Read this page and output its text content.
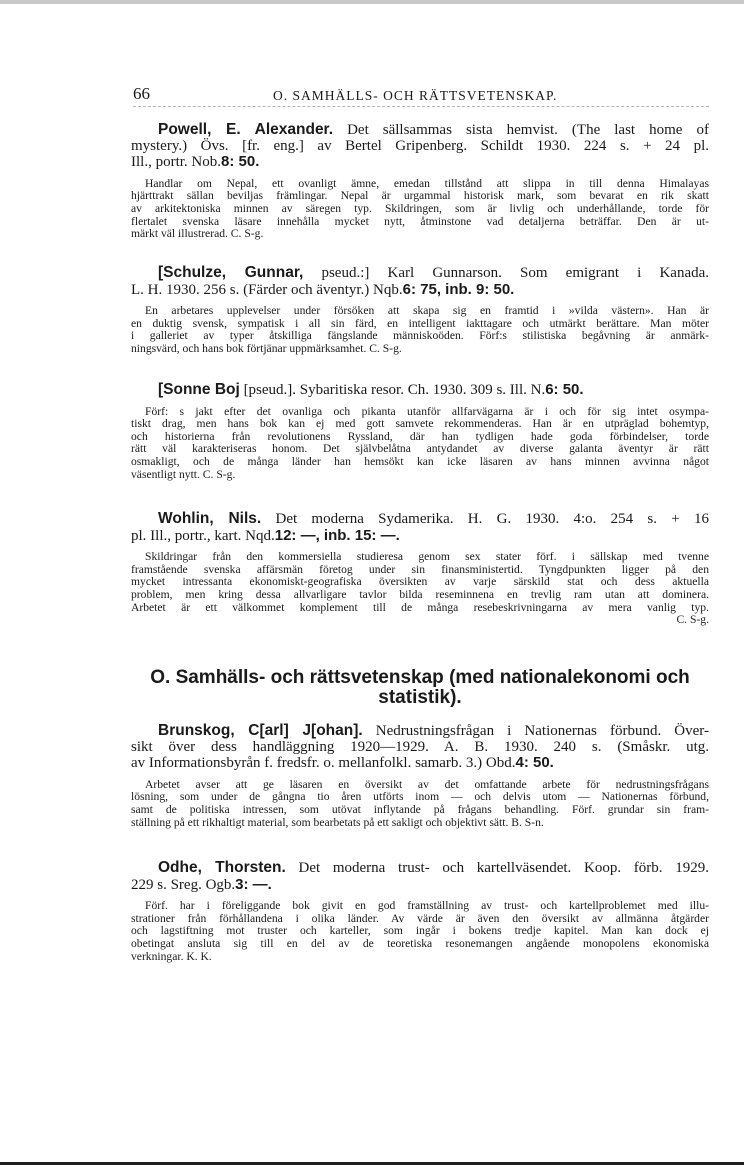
66	O. SAMHÄLLS- OCH RÄTTSVETENSKAP.
Powell, E. Alexander. Det sällsammas sista hemvist. (The last home of
mystery.) Övs. [fr. eng.] av Bertel Gripenberg. Schildt 1930. 224 s. + 24 pl.
Ill., portr. Nob.8: 50.
Handlar om Nepal, ett ovanligt ämne, emedan tillstånd att slippa in till denna Himalayas
hjärttrakt sällan beviljas främlingar. Nepal är urgammal historisk mark, som bevarat en rik skatt
av arkitektoniska minnen av säregen typ. Skildringen, som är livlig och underhållande, torde för
flertalet svenska läsare innehålla mycket nytt, åtminstone vad detaljerna beträffar. Den är ut-
märkt väl illustrerad. C. S-g.
[Schulze, Gunnar, pseud.:] Karl Gunnarson. Som emigrant i Kanada.
L. H. 1930. 256 s. (Färder och äventyr.) Nqb.6: 75, inb. 9: 50.
En arbetares upplevelser under försöken att skapa sig en framtid i »vilda västern». Han är
en duktig svensk, sympatisk i all sin färd, en intelligent iakttagare och utmärkt berättare. Man möter
i galleriet av typer åtskilliga fängslande människoöden. Förf:s stilistiska begåvning är anmärk-
ningsvärd, och hans bok förtjänar uppmärksamhet. C. S-g.
[Sonne Boj [pseud.]. Sybaritiska resor. Ch. 1930. 309 s. Ill. N.6: 50.
Förf: s jakt efter det ovanliga och pikanta utanför allfarvägarna är i och för sig intet osympa-
tiskt drag, men hans bok kan ej med gott samvete rekommenderas. Han är en utpräglad bohemtyp,
och historierna från revolutionens Ryssland, där han tydligen hade goda förbindelser, torde
rätt väl karakteriseras honom. Det självbelåtna antydandet av diverse galanta äventyr är rätt
osmakligt, och de många länder han hemsökt kan icke läsaren av hans minnen avvinna något
väsentligt nytt. C. S-g.
Wohlin, Nils. Det moderna Sydamerika. H. G. 1930. 4:o. 254 s. + 16
pl. Ill., portr., kart. Nqd.12: —, inb. 15: —.
Skildringar från den kommersiella studieresa genom sex stater förf. i sällskap med tvenne
framstående svenska affärsmän företog under sin finansministertid. Tyngdpunkten ligger på den
mycket intressanta ekonomiskt-geografiska översikten av varje särskild stat och dess aktuella
problem, men kring dessa allvarligare tavlor bilda reseminnena en trevlig ram utan att dominera.
Arbetet är ett välkommet komplement till de många resebeskrivningarna av mera vanlig typ.
C. S-g.
O. Samhälls- och rättsvetenskap (med nationalekonomi och statistik).
Brunskog, C[arl] J[ohan]. Nedrustningsfrågan i Nationernas förbund. Över-
sikt över dess handläggning 1920—1929. A. B. 1930. 240 s. (Småskr. utg.
av Informationsbyrån f. fredsfr. o. mellanfolkl. samarb. 3.) Obd.4: 50.
Arbetet avser att ge läsaren en översikt av det omfattande arbete för nedrustningsfrågans
lösning, som under de gångna tio åren utförts inom — och delvis utom — Nationernas förbund,
samt de politiska intressen, som utövat inflytande på frågans behandling. Förf. grundar sin fram-
ställning på ett rikhaltigt material, som bearbetats på ett sakligt och objektivt sätt. B. S-n.
Odhe, Thorsten. Det moderna trust- och kartellväsendet. Koop. förb. 1929.
229 s. Sreg. Ogb.3: —.
Förf. har i föreliggande bok givit en god framställning av trust- och kartellproblemet med illu-
strationer från förhållandena i olika länder. Av värde är även den översikt av allmänna åtgärder
och lagstiftning mot truster och karteller, som ingår i bokens tredje kapitel. Man kan dock ej
obetingat ansluta sig till en del av de teoretiska resonemangen angående monopolens ekonomiska
verkningar. K. K.
